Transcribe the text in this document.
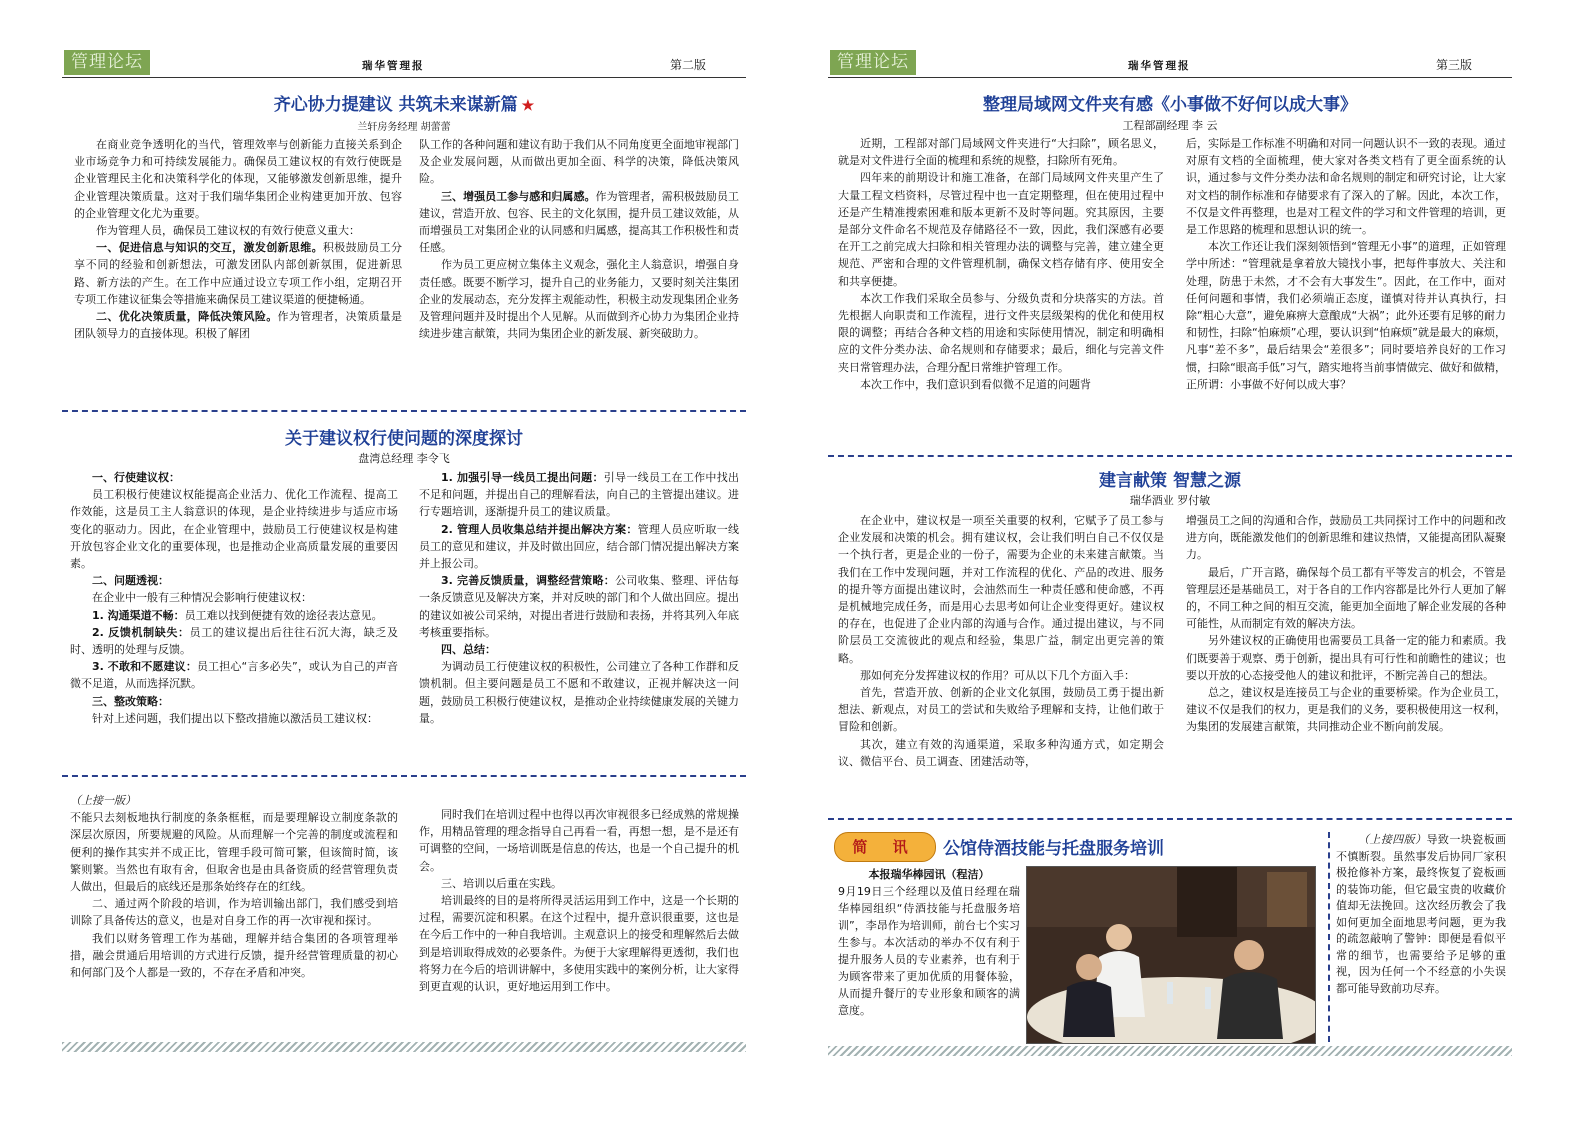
管理论坛	瑞华管理报	第二版
齐心协力提建议 共筑未来谋新篇 ★
兰轩房务经理 胡蕾蕾

在商业竞争透明化的当代，管理效率与创新能力直接关系到企业市场竞争力和可持续发展能力。确保员工建议权的有效行使既是企业管理民主化和决策科学化的体现，又能够激发创新思维，提升企业管理决策质量。这对于我们瑞华集团企业构建更加开放、包容的企业管理文化尤为重要。

作为管理人员，确保员工建议权的有效行使意义重大：

一、促进信息与知识的交互，激发创新思维。积极鼓励员工分享不同的经验和创新想法，可激发团队内部创新氛围，促进新思路、新方法的产生。在工作中应通过设立专项工作小组，定期召开专项工作建议征集会等措施来确保员工建议渠道的便捷畅通。

二、优化决策质量，降低决策风险。作为管理者，决策质量是团队领导力的直接体现。积极了解团

队工作的各种问题和建议有助于我们从不同角度更全面地审视部门及企业发展问题，从而做出更加全面、科学的决策，降低决策风险。

三、增强员工参与感和归属感。作为管理者，需积极鼓励员工建议，营造开放、包容、民主的文化氛围，提升员工建议效能，从而增强员工对集团企业的认同感和归属感，提高其工作积极性和责任感。

作为员工更应树立集体主义观念，强化主人翁意识，增强自身责任感。既要不断学习，提升自己的业务能力，又要时刻关注集团企业的发展动态，充分发挥主观能动性，积极主动发现集团企业务及管理问题并及时提出个人见解。从而做到齐心协力为集团企业持续进步建言献策，共同为集团企业的新发展、新突破助力。

关于建议权行使问题的深度探讨
盘湾总经理 李令飞

一、行使建议权：

员工积极行使建议权能提高企业活力、优化工作流程、提高工作效能，这是员工主人翁意识的体现，是企业持续进步与适应市场变化的驱动力。因此，在企业管理中，鼓励员工行使建议权是构建开放包容企业文化的重要体现，也是推动企业高质量发展的重要因素。

二、问题透视：

在企业中一般有三种情况会影响行使建议权：

1. 沟通渠道不畅：员工难以找到便捷有效的途径表达意见。

2. 反馈机制缺失：员工的建议提出后往往石沉大海，缺乏及时、透明的处理与反馈。

3. 不敢和不愿建议：员工担心“言多必失”，或认为自己的声音微不足道，从而选择沉默。

三、整改策略：

针对上述问题，我们提出以下整改措施以激活员工建议权：

1. 加强引导一线员工提出问题：引导一线员工在工作中找出不足和问题，并提出自己的理解看法，向自己的主管提出建议。进行专题培训，逐渐提升员工的建议质量。

2. 管理人员收集总结并提出解决方案：管理人员应听取一线员工的意见和建议，并及时做出回应，结合部门情况提出解决方案并上报公司。

3. 完善反馈质量，调整经营策略：公司收集、整理、评估每一条反馈意见及解决方案，并对反映的部门和个人做出回应。提出的建议如被公司采纳，对提出者进行鼓励和表扬，并将其列入年底考核重要指标。

四、总结：

为调动员工行使建议权的积极性，公司建立了各种工作群和反馈机制。但主要问题是员工不愿和不敢建议，正视并解决这一问题，鼓励员工积极行使建议权，是推动企业持续健康发展的关键力量。

（上接一版）

不能只去刻板地执行制度的条条框框，而是要理解设立制度条款的深层次原因，所要规避的风险。从而理解一个完善的制度或流程和便利的操作其实并不成正比，管理手段可简可繁，但该简时简，该繁则繁。当然也有取有舍，但取舍也是由具备资质的经营管理负责人做出，但最后的底线还是那条始终存在的红线。

二、通过两个阶段的培训，作为培训输出部门，我们感受到培训除了具备传达的意义，也是对自身工作的再一次审视和探讨。

我们以财务管理工作为基础，理解并结合集团的各项管理举措，融会贯通后用培训的方式进行反馈，提升经营管理质量的初心和何部门及个人都是一致的，不存在矛盾和冲突。

同时我们在培训过程中也得以再次审视很多已经成熟的常规操作，用精品管理的理念指导自己再看一看，再想一想，是不是还有可调整的空间，一场培训既是信息的传达，也是一个自己提升的机会。

三、培训以后重在实践。

培训最终的目的是将所得灵活运用到工作中，这是一个长期的过程，需要沉淀和积累。在这个过程中，提升意识很重要，这也是在今后工作中的一种自我培训。主观意识上的接受和理解然后去做到是培训取得成效的必要条件。为便于大家理解得更透彻，我们也将努力在今后的培训讲解中，多使用实践中的案例分析，让大家得到更直观的认识，更好地运用到工作中。

管理论坛	瑞华管理报	第三版
整理局域网文件夹有感《小事做不好何以成大事》
工程部副经理 李 云

近期，工程部对部门局域网文件夹进行“大扫除”，顾名思义，就是对文件进行全面的梳理和系统的规整，扫除所有死角。

四年来的前期设计和施工准备，在部门局域网文件夹里产生了大量工程文档资料，尽管过程中也一直定期整理，但在使用过程中还是产生精准搜索困难和版本更新不及时等问题。究其原因，主要是部分文件命名不规范及存储路径不一致，因此，我们深感有必要在开工之前完成大扫除和相关管理办法的调整与完善，建立建全更规范、严密和合理的文件管理机制，确保文档存储有序、使用安全和共享便捷。

本次工作我们采取全员参与、分级负责和分块落实的方法。首先根据人向职责和工作流程，进行文件夹层级架构的优化和使用权限的调整；再结合各种文档的用途和实际使用情况，制定和明确相应的文件分类办法、命名规则和存储要求；最后，细化与完善文件夹日常管理办法，合理分配日常维护管理工作。

本次工作中，我们意识到看似微不足道的问题背

后，实际是工作标准不明确和对同一问题认识不一致的表现。通过对原有文档的全面梳理，使大家对各类文档有了更全面系统的认识，通过参与文件分类办法和命名规则的制定和研究讨论，让大家对文档的制作标准和存储要求有了深入的了解。因此，本次工作，不仅是文件再整理，也是对工程文件的学习和文件管理的培训，更是工作思路的梳理和思想认识的统一。

本次工作还让我们深刻领悟到“管理无小事”的道理，正如管理学中所述：“管理就是拿着放大镜找小事，把每件事放大、关注和处理，防患于未然，才不会有大事发生”。因此，在工作中，面对任何问题和事情，我们必须端正态度，谨慎对待并认真执行，扫除“粗心大意”，避免麻痹大意酿成“大祸”；此外还要有足够的耐力和韧性，扫除“怕麻烦”心理，要认识到“怕麻烦”就是最大的麻烦，凡事“差不多”，最后结果会“差很多”；同时要培养良好的工作习惯，扫除“眼高手低”习气，踏实地将当前事情做完、做好和做精，正所谓：小事做不好何以成大事？

建言献策 智慧之源
瑞华酒业 罗付敏

在企业中，建议权是一项至关重要的权利，它赋予了员工参与企业发展和决策的机会。拥有建议权，会让我们明白自己不仅仅是一个执行者，更是企业的一份子，需要为企业的未来建言献策。当我们在工作中发现问题，并对工作流程的优化、产品的改进、服务的提升等方面提出建议时，会油然而生一种责任感和使命感，不再是机械地完成任务，而是用心去思考如何让企业变得更好。建议权的存在，也促进了企业内部的沟通与合作。通过提出建议，与不同阶层员工交流彼此的观点和经验，集思广益，制定出更完善的策略。

那如何充分发挥建议权的作用？可从以下几个方面入手：

首先，营造开放、创新的企业文化氛围，鼓励员工勇于提出新想法、新观点，对员工的尝试和失败给予理解和支持，让他们敢于冒险和创新。

其次，建立有效的沟通渠道，采取多种沟通方式，如定期会议、微信平台、员工调查、团建活动等，

增强员工之间的沟通和合作，鼓励员工共同探讨工作中的问题和改进方向，既能激发他们的创新思维和建议热情，又能提高团队凝聚力。

最后，广开言路，确保每个员工都有平等发言的机会，不管是管理层还是基础员工，对于各自的工作内容都是比外行人更加了解的，不同工种之间的相互交流，能更加全面地了解企业发展的各种可能性，从而制定有效的解决方法。

另外建议权的正确使用也需要员工具备一定的能力和素质。我们既要善于观察、勇于创新，提出具有可行性和前瞻性的建议；也要以开放的心态接受他人的建议和批评，不断完善自己的想法。

总之，建议权是连接员工与企业的重要桥梁。作为企业员工，建议不仅是我们的权力，更是我们的义务，要积极使用这一权利，为集团的发展建言献策，共同推动企业不断向前发展。

简 讯	公馆侍酒技能与托盘服务培训

本报瑞华棒园讯（程洁）

9月19日三个经理以及值日经理在瑞华棒园组织“侍酒技能与托盘服务培训”，李昂作为培训师，前台七个实习生参与。本次活动的举办不仅有利于提升服务人员的专业素养，也有利于为顾客带来了更加优质的用餐体验，从而提升餐厅的专业形象和顾客的满意度。

（上接四版）导致一块瓷板画不慎断裂。虽然事发后协同厂家积极抢修补方案，最终恢复了瓷板画的装饰功能，但它最宝贵的收藏价值却无法挽回。这次经历教会了我如何更加全面地思考问题，更为我的疏忽敲响了警钟：即便是看似平常的细节，也需要给予足够的重视，因为任何一个不经意的小失误都可能导致前功尽弃。
